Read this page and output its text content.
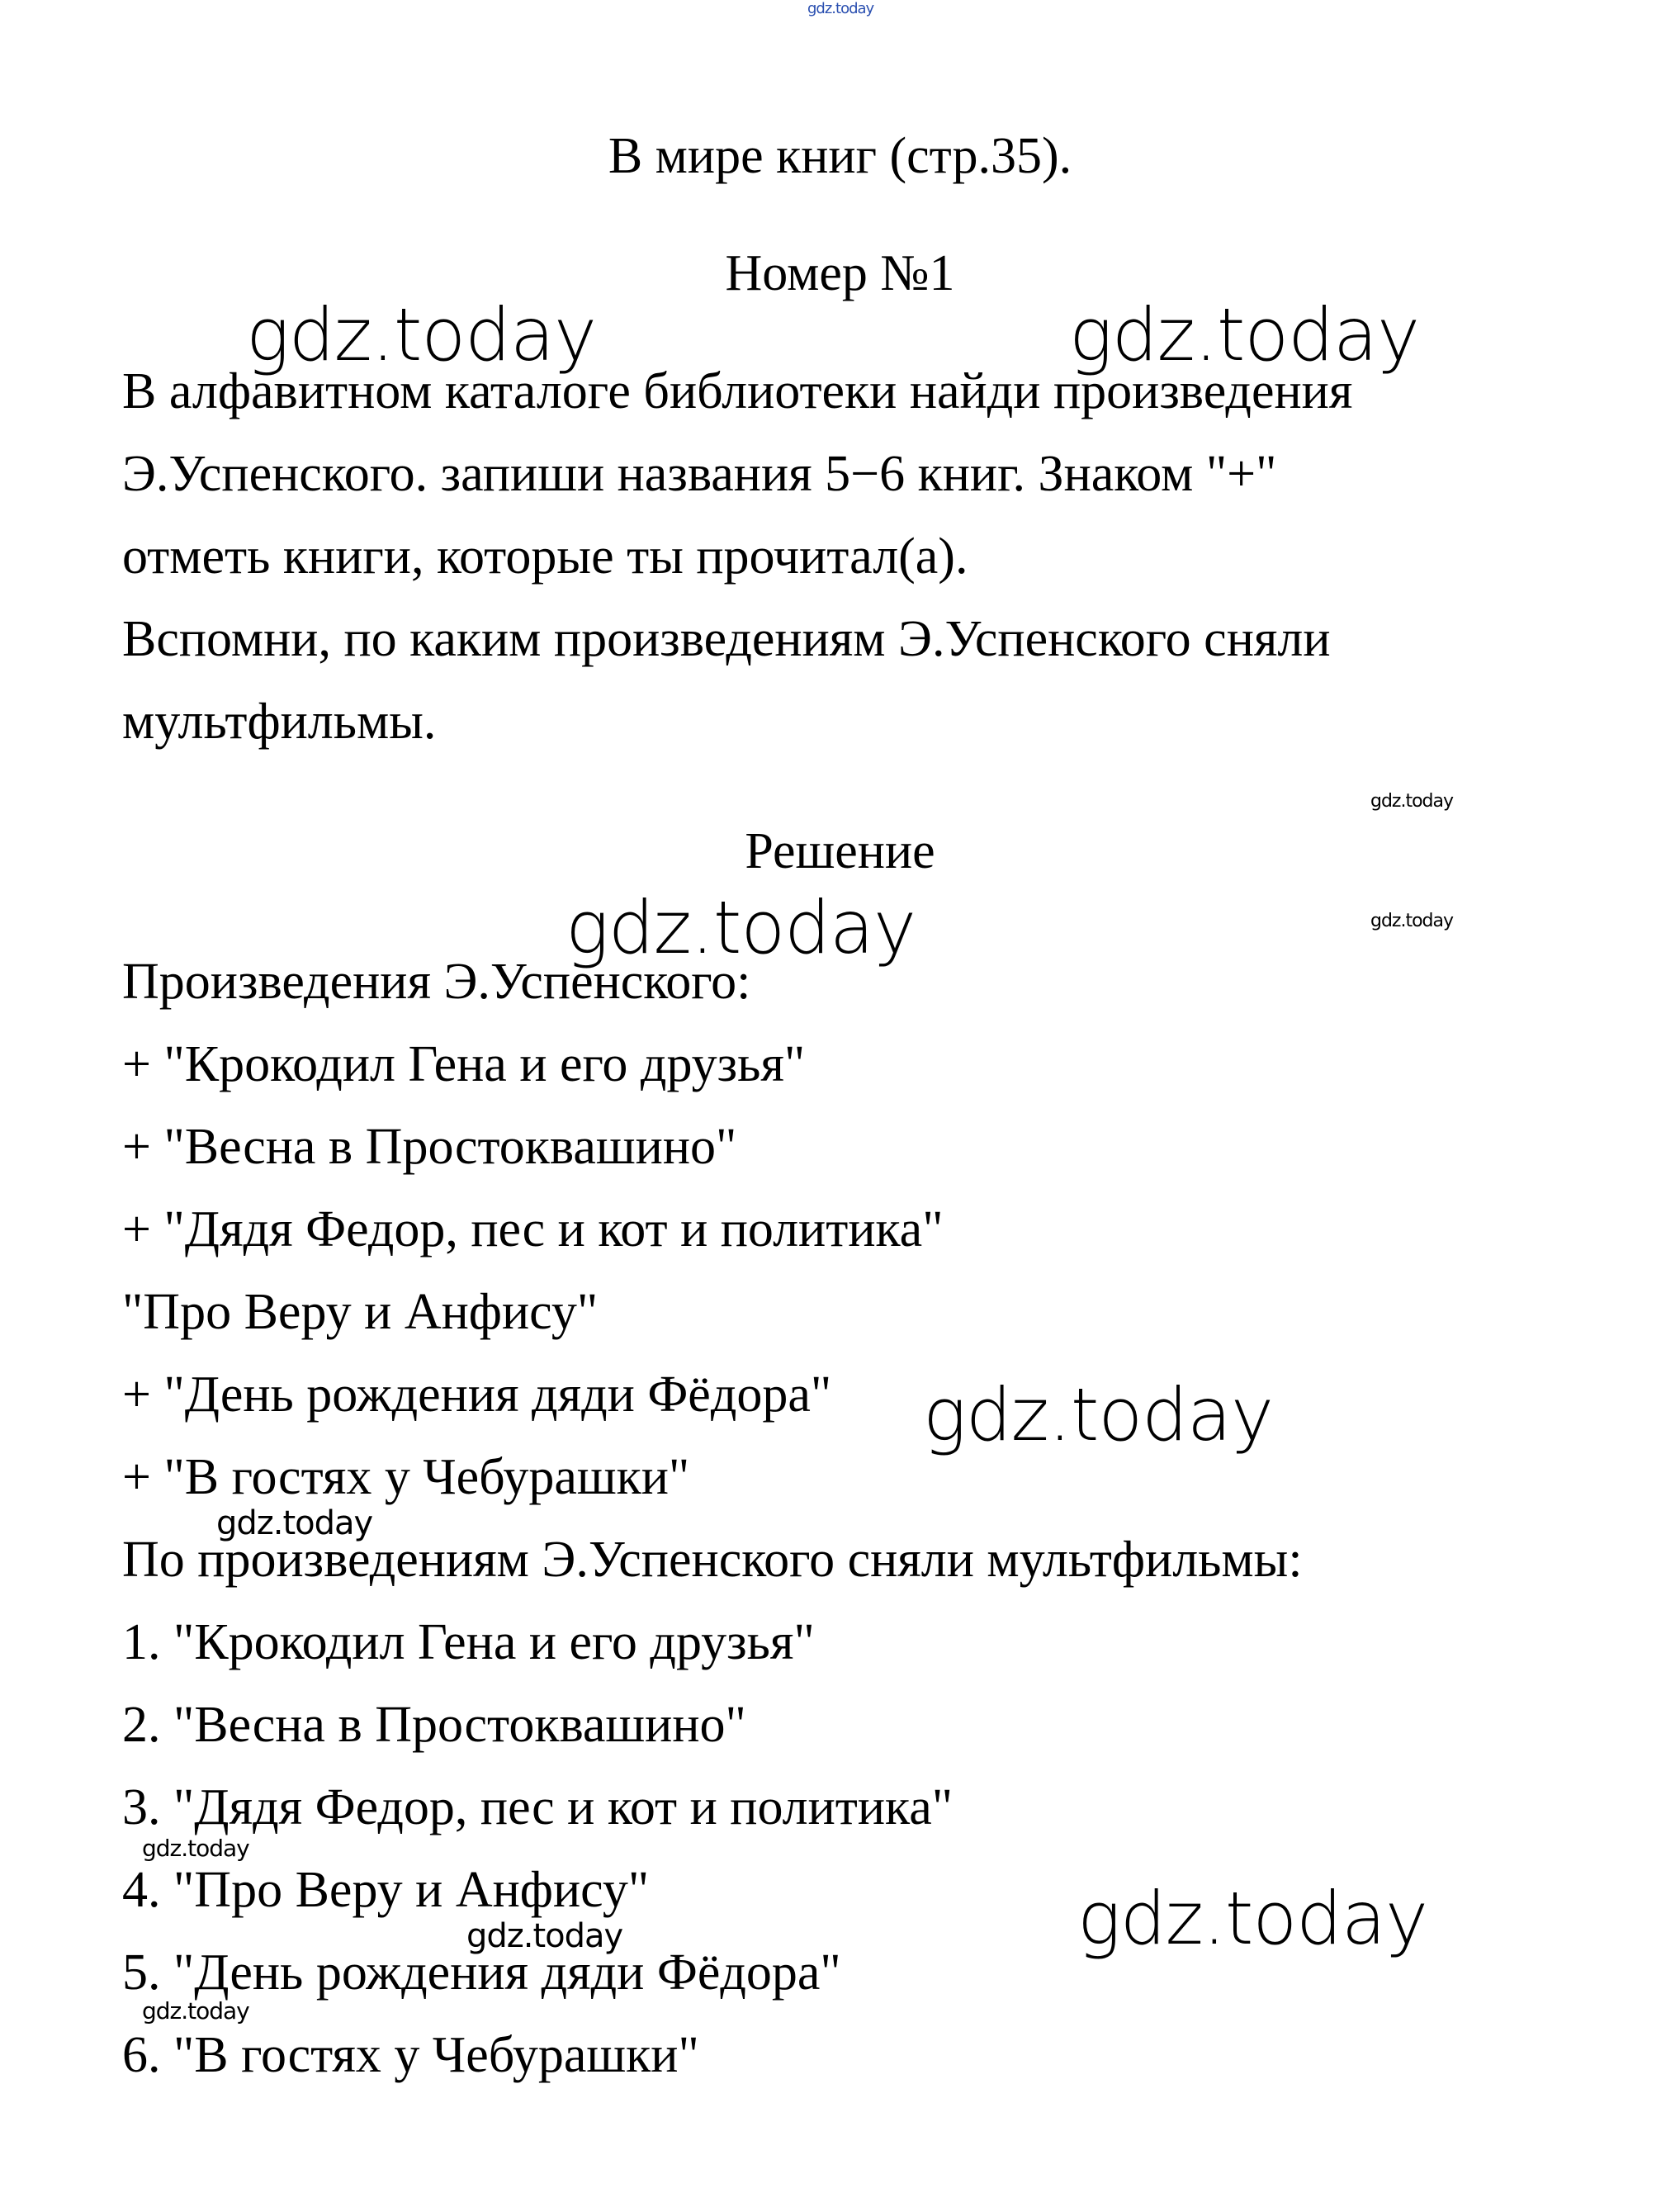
gdz.today
В мире книг (стр.35).
Номер №1
В алфавитном каталоге библиотеки найди произведения
Э.Успенского. запиши названия 5−6 книг. Знаком "+"
отметь книги, которые ты прочитал(а).
Вспомни, по каким произведениям Э.Успенского сняли
мультфильмы.
Решение
Произведения Э.Успенского:
+ "Крокодил Гена и его друзья"
+ "Весна в Простоквашино"
+ "Дядя Федор, пес и кот и политика"
"Про Веру и Анфису"
+ "День рождения дяди Фёдора"
+ "В гостях у Чебурашки"
По произведениям Э.Успенского сняли мультфильмы:
1. "Крокодил Гена и его друзья"
2. "Весна в Простоквашино"
3. "Дядя Федор, пес и кот и политика"
4. "Про Веру и Анфису"
5. "День рождения дяди Фёдора"
6. "В гостях у Чебурашки"
gdz.today	gdz.today
gdz.today
gdz.today
gdz.today
gdz.today
gdz.today
gdz.today
gdz.today
gdz.today
gdz.today
